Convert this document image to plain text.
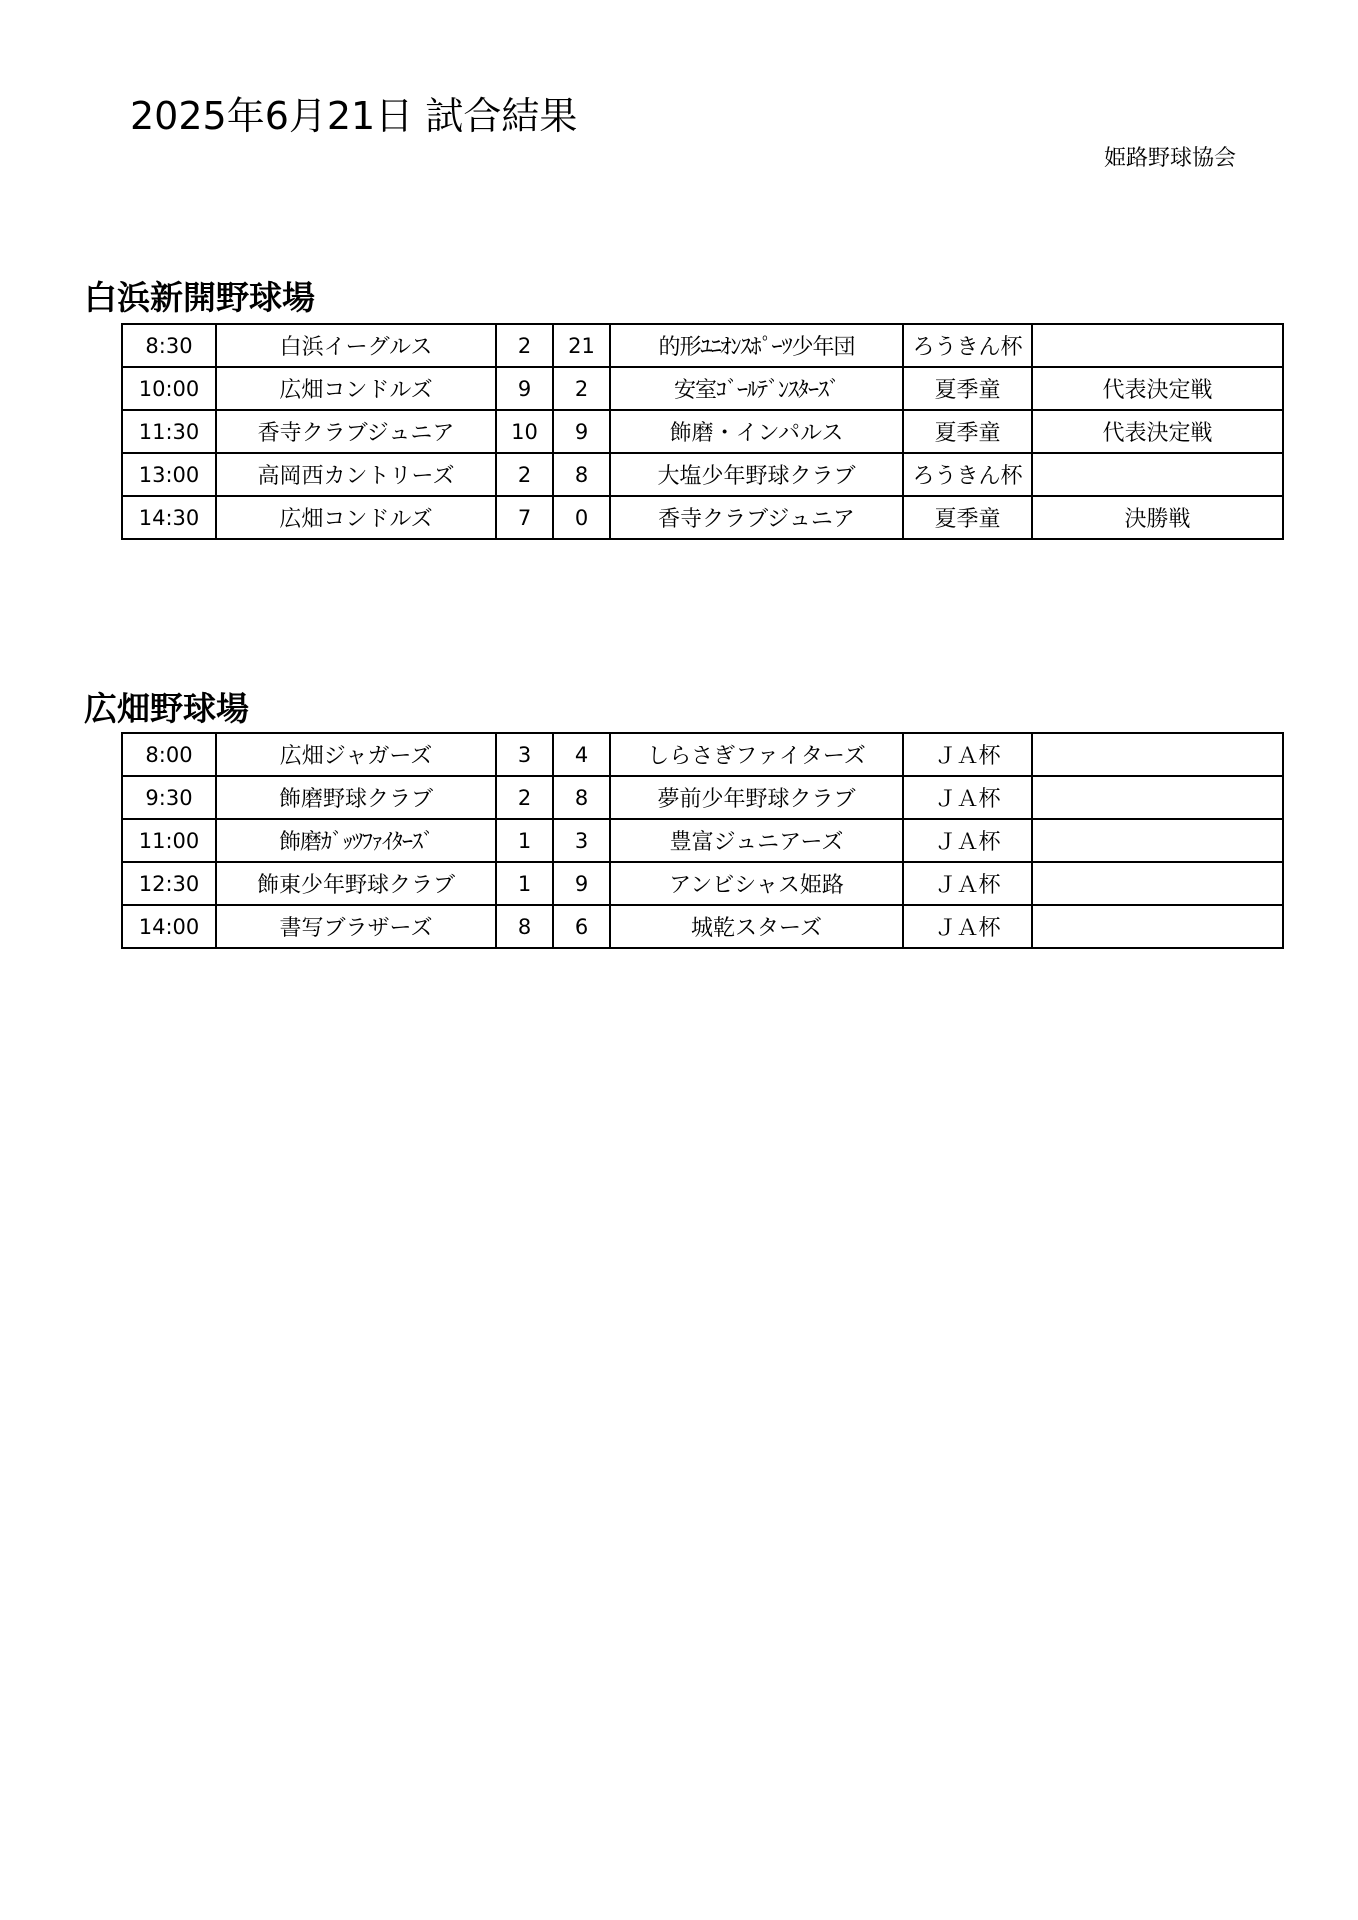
2025年6月21日 試合結果
姫路野球協会
白浜新開野球場
8:30	白浜イーグルス	2	21	的形ﾕﾆｵﾝｽﾎﾟｰﾂ少年団	ろうきん杯	
10:00	広畑コンドルズ	9	2	安室ｺﾞｰﾙﾃﾞﾝｽﾀｰｽﾞ	夏季童	代表決定戦
11:30	香寺クラブジュニア	10	9	飾磨・インパルス	夏季童	代表決定戦
13:00	高岡西カントリーズ	2	8	大塩少年野球クラブ	ろうきん杯	
14:30	広畑コンドルズ	7	0	香寺クラブジュニア	夏季童	決勝戦
広畑野球場
8:00	広畑ジャガーズ	3	4	しらさぎファイターズ	ＪＡ杯	
9:30	飾磨野球クラブ	2	8	夢前少年野球クラブ	ＪＡ杯	
11:00	飾磨ｶﾞｯﾂﾌｧｲﾀｰｽﾞ	1	3	豊富ジュニアーズ	ＪＡ杯	
12:30	飾東少年野球クラブ	1	9	アンビシャス姫路	ＪＡ杯	
14:00	書写ブラザーズ	8	6	城乾スターズ	ＪＡ杯	
